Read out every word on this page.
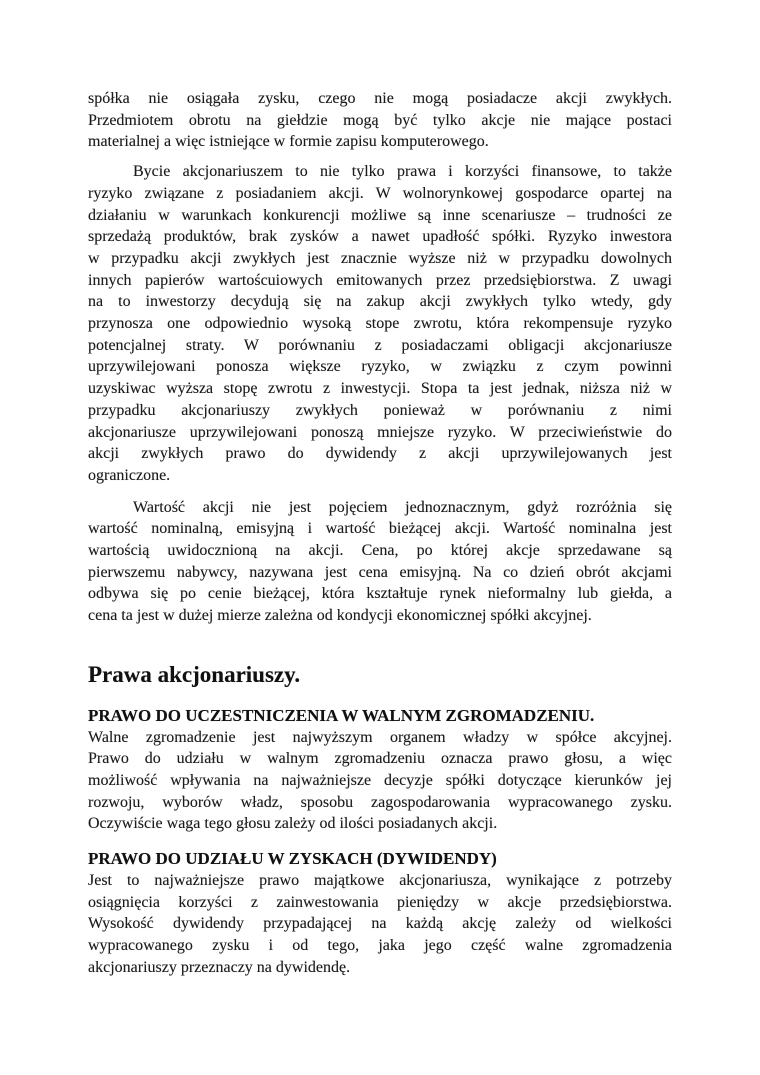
spółka nie osiągała zysku, czego nie mogą posiadacze akcji zwykłych.
Przedmiotem obrotu na giełdzie mogą być tylko akcje nie mające postaci
materialnej a więc istniejące w formie zapisu komputerowego.
Bycie akcjonariuszem to nie tylko prawa i korzyści finansowe, to także
ryzyko związane z posiadaniem akcji. W wolnorynkowej gospodarce opartej na
działaniu w warunkach konkurencji możliwe są inne scenariusze – trudności ze
sprzedażą produktów, brak zysków a nawet upadłość spółki. Ryzyko inwestora
w przypadku akcji zwykłych jest znacznie wyższe niż w przypadku dowolnych
innych papierów wartoścuiowych emitowanych przez przedsiębiorstwa. Z uwagi
na to inwestorzy decydują się na zakup akcji zwykłych tylko wtedy, gdy
przynosza one odpowiednio wysoką stope zwrotu, która rekompensuje ryzyko
potencjalnej straty. W porównaniu z posiadaczami obligacji akcjonariusze
uprzywilejowani ponosza większe ryzyko, w związku z czym powinni
uzyskiwac wyższa stopę zwrotu z inwestycji. Stopa ta jest jednak, niższa niż w
przypadku akcjonariuszy zwykłych ponieważ w porównaniu z nimi
akcjonariusze uprzywilejowani ponoszą mniejsze ryzyko. W przeciwieństwie do
akcji zwykłych prawo do dywidendy z akcji uprzywilejowanych jest
ograniczone.
Wartość akcji nie jest pojęciem jednoznacznym, gdyż rozróżnia się
wartość nominalną, emisyjną i wartość bieżącej akcji. Wartość nominalna jest
wartością uwidocznioną na akcji. Cena, po której akcje sprzedawane są
pierwszemu nabywcy, nazywana jest cena emisyjną. Na co dzień obrót akcjami
odbywa się po cenie bieżącej, która kształtuje rynek nieformalny lub giełda, a
cena ta jest w dużej mierze zależna od kondycji ekonomicznej spółki akcyjnej.
Prawa akcjonariuszy.
PRAWO DO UCZESTNICZENIA W WALNYM ZGROMADZENIU.
Walne zgromadzenie jest najwyższym organem władzy w spółce akcyjnej.
Prawo do udziału w walnym zgromadzeniu oznacza prawo głosu, a więc
możliwość wpływania na najważniejsze decyzje spółki dotyczące kierunków jej
rozwoju, wyborów władz, sposobu zagospodarowania wypracowanego zysku.
Oczywiście waga tego głosu zależy od ilości posiadanych akcji.
PRAWO DO UDZIAŁU W ZYSKACH (DYWIDENDY)
Jest to najważniejsze prawo majątkowe akcjonariusza, wynikające z potrzeby
osiągnięcia korzyści z zainwestowania pieniędzy w akcje przedsiębiorstwa.
Wysokość dywidendy przypadającej na każdą akcję zależy od wielkości
wypracowanego zysku i od tego, jaka jego część walne zgromadzenia
akcjonariuszy przeznaczy na dywidendę.
